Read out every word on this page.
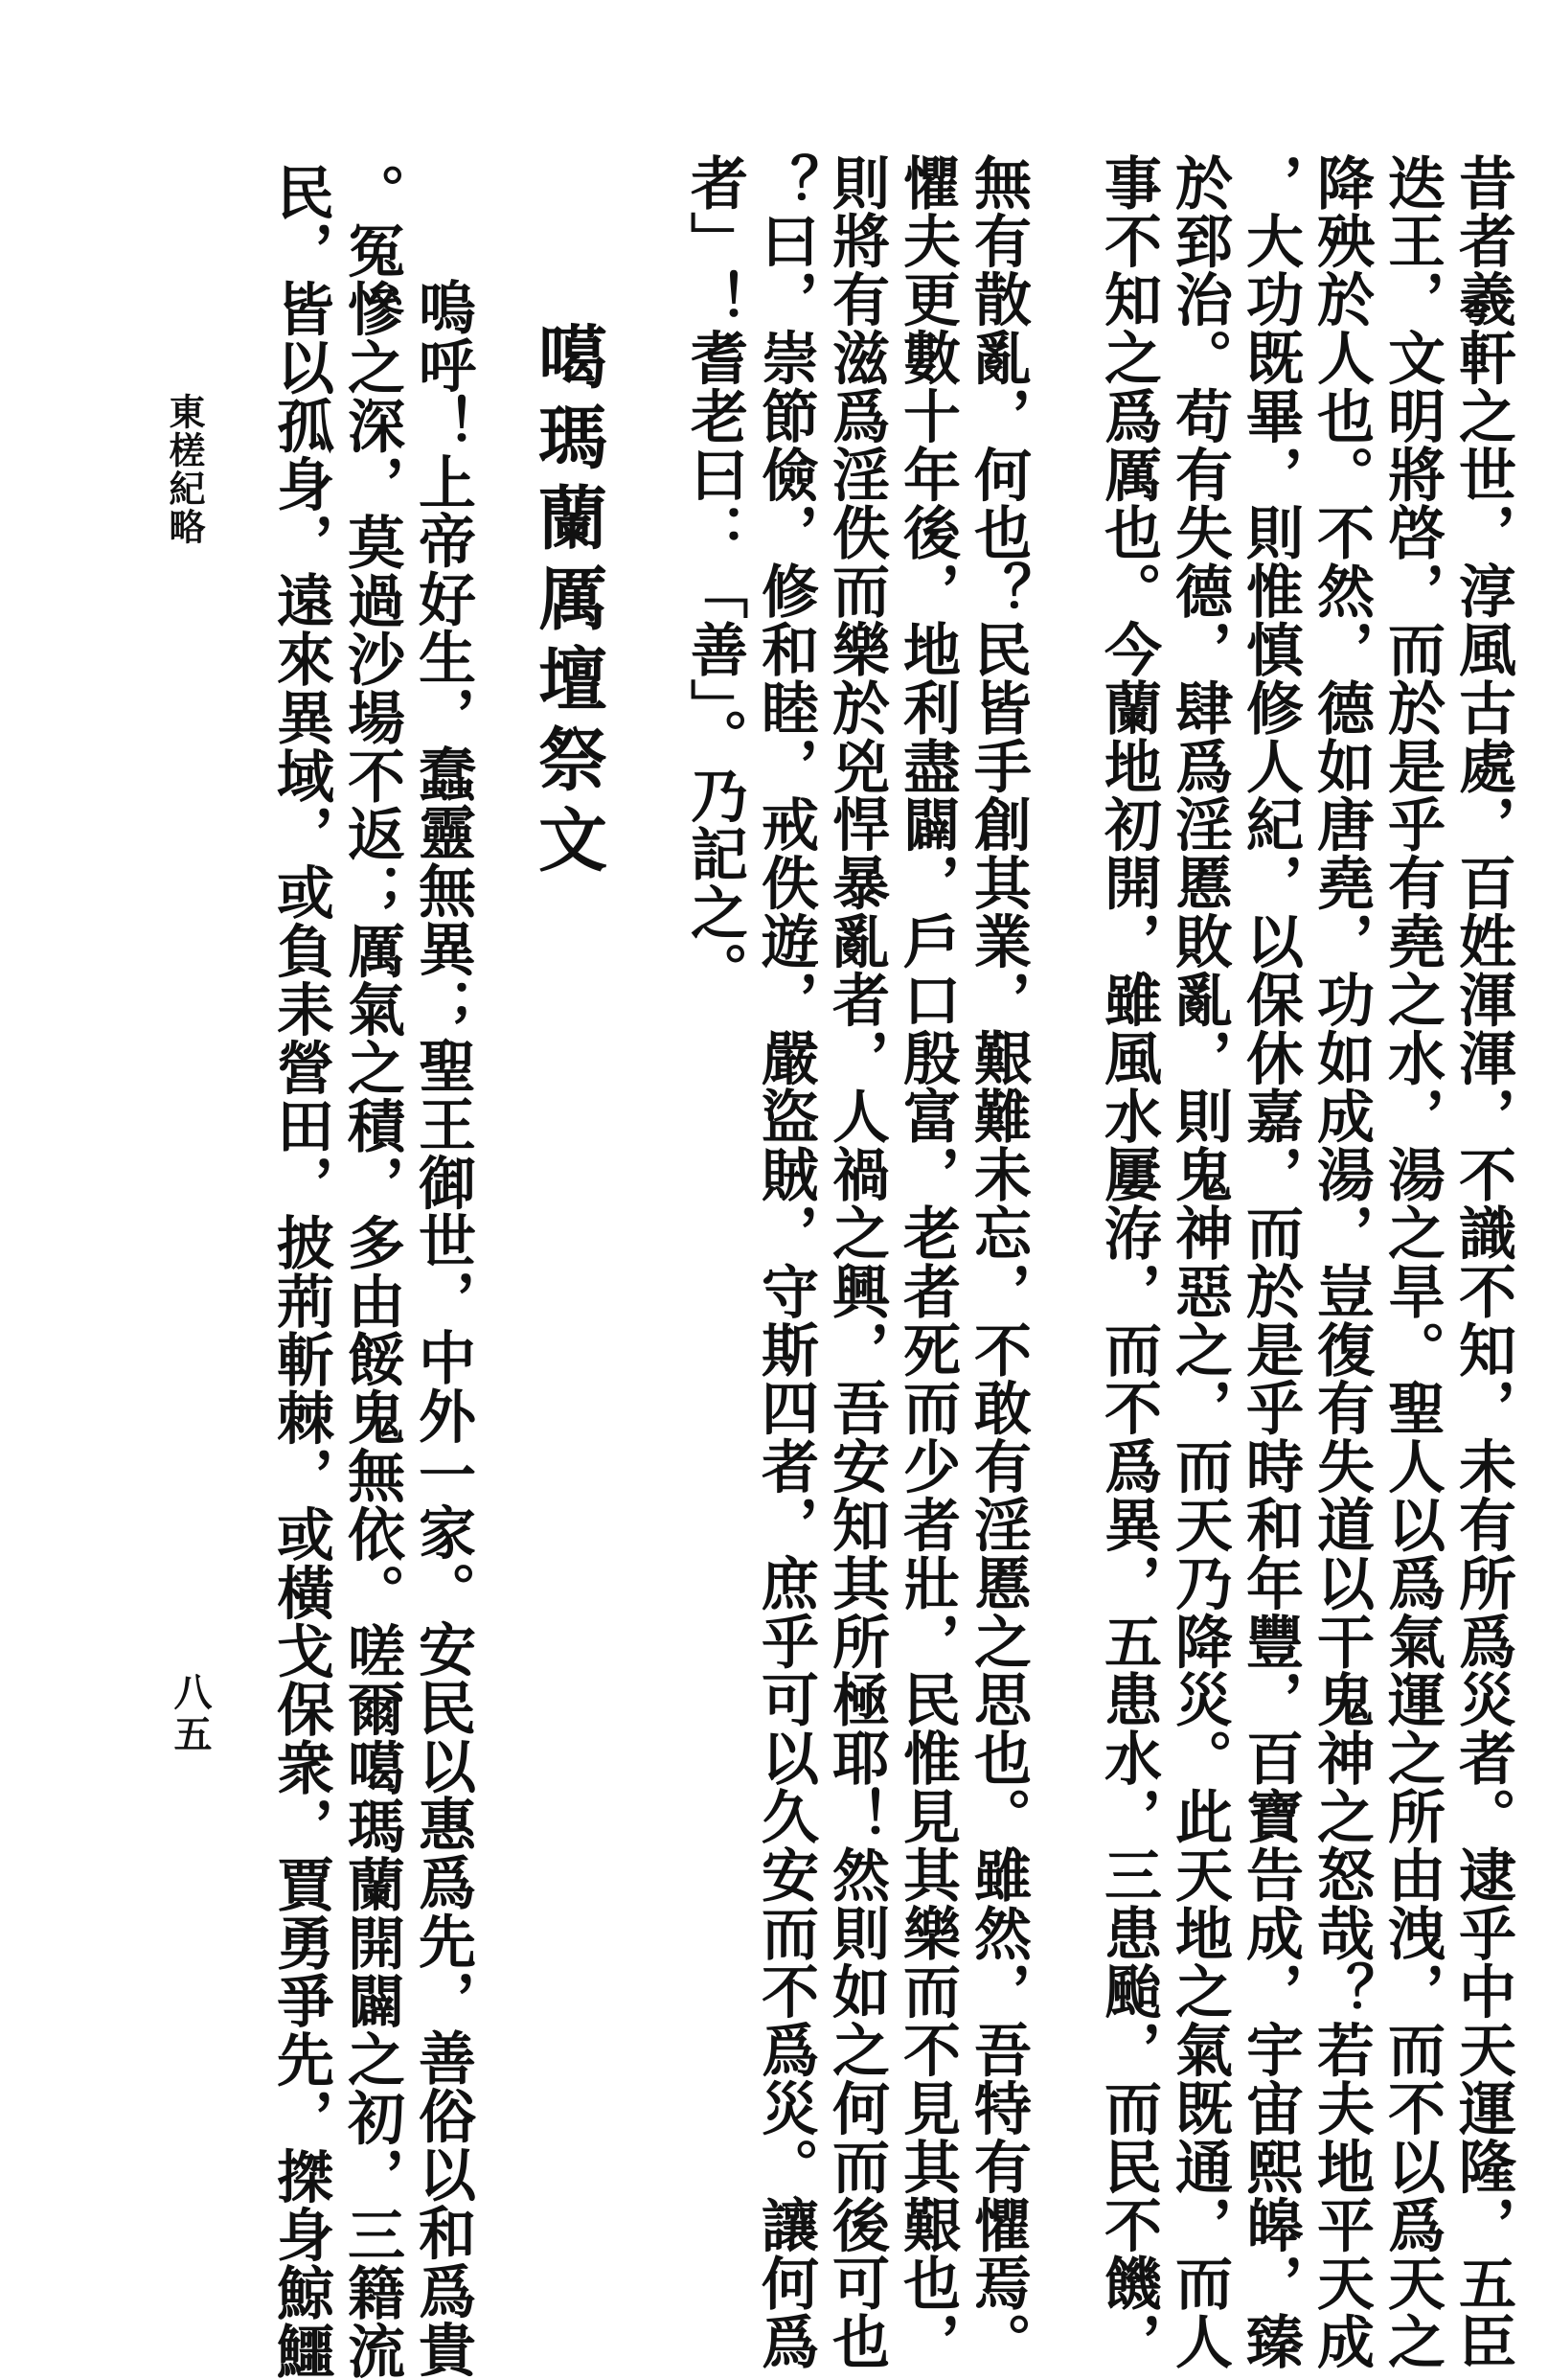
東槎紀略
八五	昔者羲軒之世，淳風古處，百姓渾渾，不識不知，未有所爲災者。逮乎中天運隆，五臣
迭王，文明將啓，而於是乎有堯之水，湯之旱。聖人以爲氣運之所由洩，而不以爲天之
降殃於人也。不然，德如唐堯，功如成湯，豈復有失道以干鬼神之怒哉？若夫地平天成
，大功既畢，則惟慎修人紀，以保休嘉，而於是乎時和年豐，百寶告成，宇宙熙皞，臻
於郅治。苟有失德，肆爲淫慝敗亂，則鬼神惡之，而天乃降災。此天地之氣既通，而人
事不知之爲厲也。今蘭地初開，雖風水屢洊，而不爲異，五患水，三患颱，而民不饑，
無有散亂，何也？民皆手創其業，艱難未忘，不敢有淫慝之思也。雖然，吾特有懼焉。
懼夫更數十年後，地利盡闢，戶口殷富，老者死而少者壯，民惟見其樂而不見其艱也，
則將有滋爲淫佚而樂於兇悍暴亂者，人禍之興，吾安知其所極耶！然則如之何而後可也
？曰，崇節儉，修和睦，戒佚遊，嚴盜賊，守斯四者，庶乎可以久安而不爲災。讓何爲
者」！耆老曰：「善」。乃記之。
噶瑪蘭厲壇祭文
嗚呼！上帝好生，蠢靈無異；聖王御世，中外一家。安民以惠爲先，善俗以和爲貴
。冤慘之深，莫過沙場不返；厲氣之積，多由餒鬼無依。嗟爾噶瑪蘭開闢之初，三籍流
民，皆以孤身，遠來異域，或負耒營田，披荊斬棘，或橫戈保衆，賈勇爭先，搩身鯨鱷
